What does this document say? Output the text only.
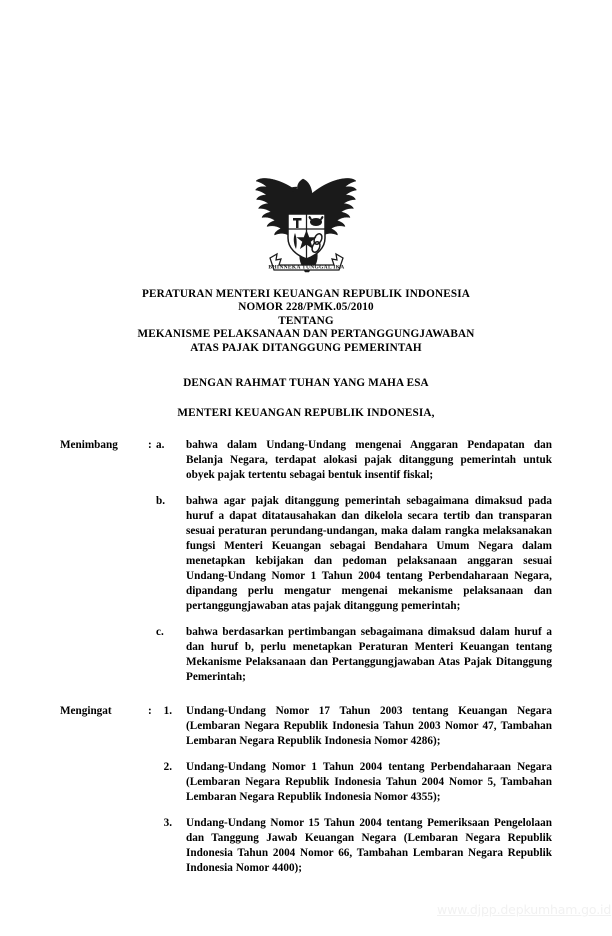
BHINNEKA TUNGGAL IKA
PERATURAN MENTERI KEUANGAN REPUBLIK INDONESIA
NOMOR 228/PMK.05/2010
TENTANG
MEKANISME PELAKSANAAN DAN PERTANGGUNGJAWABAN
ATAS PAJAK DITANGGUNG PEMERINTAH
DENGAN RAHMAT TUHAN YANG MAHA ESA
MENTERI KEUANGAN REPUBLIK INDONESIA,
Menimbang	: a.	bahwa dalam Undang-Undang mengenai Anggaran Pendapatan dan Belanja Negara, terdapat alokasi pajak ditanggung pemerintah untuk obyek pajak tertentu sebagai bentuk insentif fiskal;
b.	bahwa agar pajak ditanggung pemerintah sebagaimana dimaksud pada huruf a dapat ditatausahakan dan dikelola secara tertib dan transparan sesuai peraturan perundang-undangan, maka dalam rangka melaksanakan fungsi Menteri Keuangan sebagai Bendahara Umum Negara dalam menetapkan kebijakan dan pedoman pelaksanaan anggaran sesuai Undang-Undang Nomor 1 Tahun 2004 tentang Perbendaharaan Negara, dipandang perlu mengatur mengenai mekanisme pelaksanaan dan pertanggungjawaban atas pajak ditanggung pemerintah;
c.	bahwa berdasarkan pertimbangan sebagaimana dimaksud dalam huruf a dan huruf b, perlu menetapkan Peraturan Menteri Keuangan tentang Mekanisme Pelaksanaan dan Pertanggungjawaban Atas Pajak Ditanggung Pemerintah;
Mengingat	:	1. Undang-Undang Nomor 17 Tahun 2003 tentang Keuangan Negara (Lembaran Negara Republik Indonesia Tahun 2003 Nomor 47, Tambahan Lembaran Negara Republik Indonesia Nomor 4286);
2. Undang-Undang Nomor 1 Tahun 2004 tentang Perbendaharaan Negara (Lembaran Negara Republik Indonesia Tahun 2004 Nomor 5, Tambahan Lembaran Negara Republik Indonesia Nomor 4355);
3. Undang-Undang Nomor 15 Tahun 2004 tentang Pemeriksaan Pengelolaan dan Tanggung Jawab Keuangan Negara (Lembaran Negara Republik Indonesia Tahun 2004 Nomor 66, Tambahan Lembaran Negara Republik Indonesia Nomor 4400);
www.djpp.depkumham.go.id
